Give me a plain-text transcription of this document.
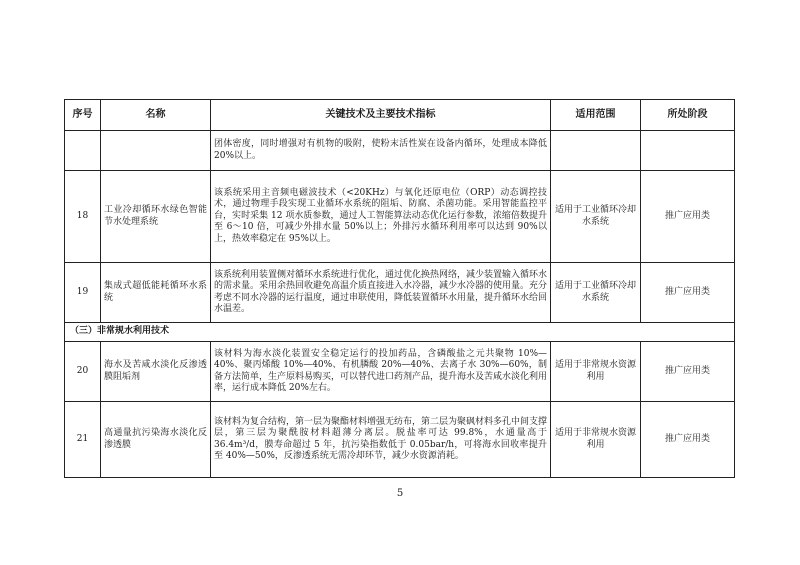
序号	名称	关键技术及主要技术指标	适用范围	所处阶段
		团体密度，同时增强对有机物的吸附，使粉末活性炭在设备内循环，处理成本降低 20%以上。		
18	工业冷却循环水绿色智能节水处理系统	该系统采用主音频电磁波技术（<20KHz）与氧化还原电位（ORP）动态调控技术，通过物理手段实现工业循环水系统的阻垢、防腐、杀菌功能。采用智能监控平台，实时采集 12 项水质参数，通过人工智能算法动态优化运行参数，浓缩倍数提升至 6～10 倍，可减少外排水量 50%以上；外排污水循环利用率可以达到 90%以上，热效率稳定在 95%以上。	适用于工业循环冷却水系统	推广应用类
19	集成式超低能耗循环水系统	该系统利用装置侧对循环水系统进行优化，通过优化换热网络，减少装置输入循环水的需求量。采用余热回收避免高温介质直接进入水冷器，减少水冷器的使用量。充分考虑不同水冷器的运行温度，通过串联使用，降低装置循环水用量，提升循环水给回水温差。	适用于工业循环冷却水系统	推广应用类
（三）非常规水利用技术				
20	海水及苦咸水淡化反渗透膜阻垢剂	该材料为海水淡化装置安全稳定运行的投加药品，含磷酸盐之元共聚物 10%—40%、聚丙烯酸 10%—40%、有机膦酸 20%—40%、去离子水 30%—60%，制备方法简单，生产原料易购买，可以替代进口药剂产品，提升海水及苦咸水淡化利用率，运行成本降低 20%左右。	适用于非常规水资源利用	推广应用类
21	高通量抗污染海水淡化反渗透膜	该材料为复合结构，第一层为聚酯材料增强无纺布，第二层为聚砜材料多孔中间支撑层，第三层为聚酰胺材料超薄分离层。脱盐率可达 99.8%，水通量高于 36.4m³/d，膜寿命超过 5 年，抗污染指数低于 0.05bar/h，可将海水回收率提升至 40%—50%，反渗透系统无需冷却环节，减少水资源消耗。	适用于非常规水资源利用	推广应用类
5
